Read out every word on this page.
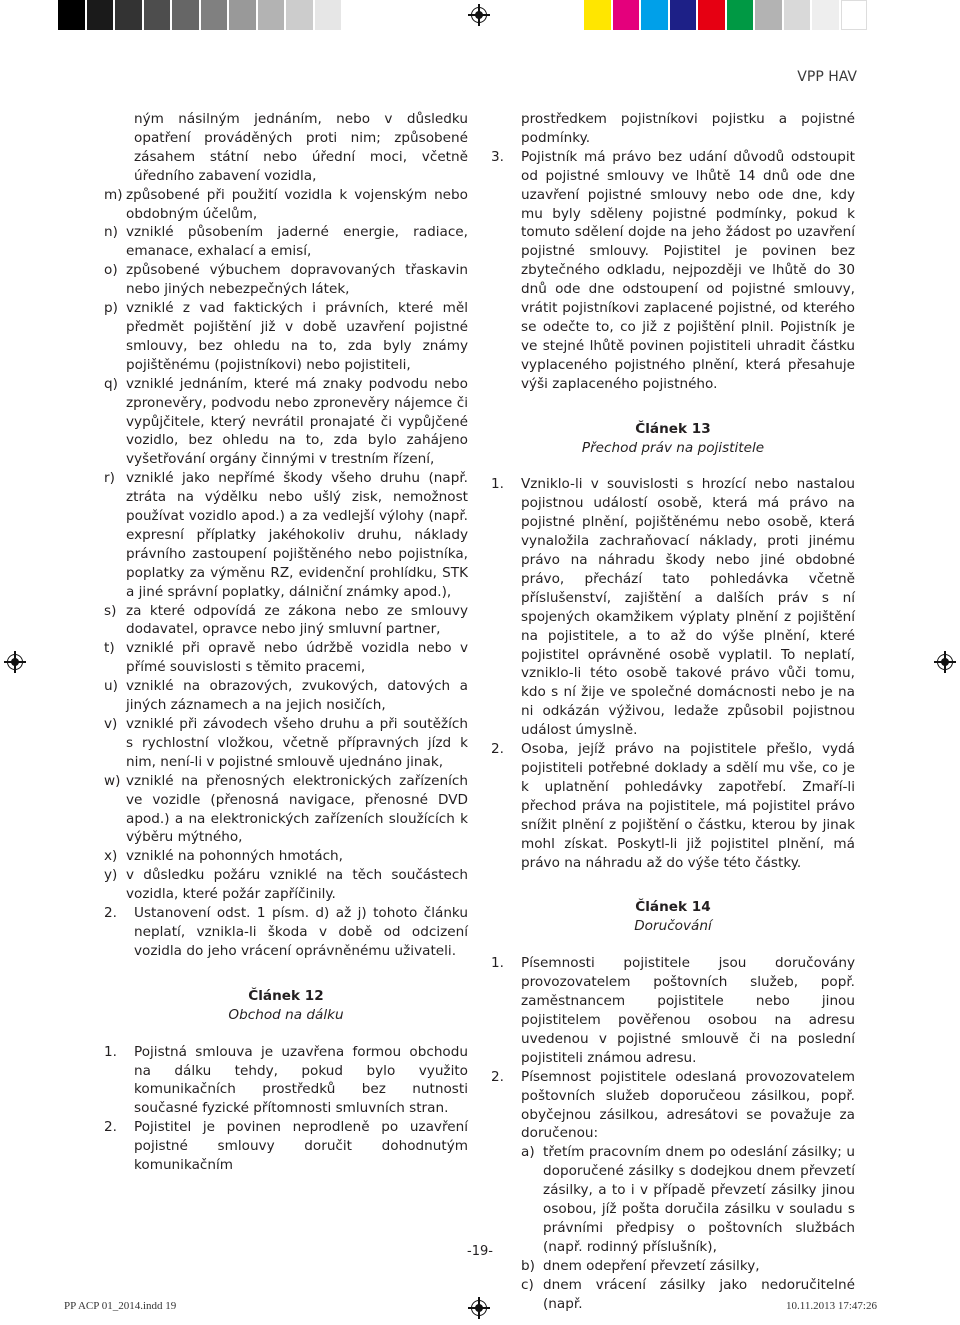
VPP HAV
ným násilným jednáním, nebo v důsledku opatření prováděných proti nim; způsobené zásahem státní nebo úřední moci, včetně úředního zabavení vozidla,
m) způsobené při použití vozidla k vojenským nebo obdobným účelům,
n) vzniklé působením jaderné energie, radiace, emanace, exhalací a emisí,
o) způsobené výbuchem dopravovaných třaskavin nebo jiných nebezpečných látek,
p) vzniklé z vad faktických i právních, které měl předmět pojištění již v době uzavření pojistné smlouvy, bez ohledu na to, zda byly známy pojištěnému (pojistníkovi) nebo pojistiteli,
q) vzniklé jednáním, které má znaky podvodu nebo zpronevěry, podvodu nebo zpronevěry nájemce či vypůjčitele, který nevrátil pronajaté či vypůjčené vozidlo, bez ohledu na to, zda bylo zahájeno vyšetřování orgány činnými v trestním řízení,
r) vzniklé jako nepřímé škody všeho druhu (např. ztráta na výdělku nebo ušlý zisk, nemožnost používat vozidlo apod.) a za vedlejší výlohy (např. expresní příplatky jakéhokoliv druhu, náklady právního zastoupení pojištěného nebo pojistníka, poplatky za výměnu RZ, evidenční prohlídku, STK a jiné správní poplatky, dálniční známky apod.),
s) za které odpovídá ze zákona nebo ze smlouvy dodavatel, opravce nebo jiný smluvní partner,
t) vzniklé při opravě nebo údržbě vozidla nebo v přímé souvislosti s těmito pracemi,
u) vzniklé na obrazových, zvukových, datových a jiných záznamech a na jejich nosičích,
v) vzniklé při závodech všeho druhu a při soutěžích s rychlostní vložkou, včetně přípravných jízd k nim, není-li v pojistné smlouvě ujednáno jinak,
w) vzniklé na přenosných elektronických zařízeních ve vozidle (přenosná navigace, přenosné DVD apod.) a na elektronických zařízeních sloužících k výběru mýtného,
x) vzniklé na pohonných hmotách,
y) v důsledku požáru vzniklé na těch součástech vozidla, které požár zapříčinily.
2.	Ustanovení odst. 1 písm. d) až j) tohoto článku neplatí, vznikla-li škoda v době od odcizení vozidla do jeho vrácení oprávněnému uživateli.
Článek 12
Obchod na dálku
1.	Pojistná smlouva je uzavřena formou obchodu na dálku tehdy, pokud bylo využito komunikačních prostředků bez nutnosti současné fyzické přítomnosti smluvních stran.
2.	Pojistitel je povinen neprodleně po uzavření pojistné smlouvy doručit dohodnutým komunikačním
prostředkem pojistníkovi pojistku a pojistné podmínky.
3.	Pojistník má právo bez udání důvodů odstoupit od pojistné smlouvy ve lhůtě 14 dnů ode dne uzavření pojistné smlouvy nebo ode dne, kdy mu byly sděleny pojistné podmínky, pokud k tomuto sdělení dojde na jeho žádost po uzavření pojistné smlouvy. Pojistitel je povinen bez zbytečného odkladu, nejpozději ve lhůtě do 30 dnů ode dne odstoupení od pojistné smlouvy, vrátit pojistníkovi zaplacené pojistné, od kterého se odečte to, co již z pojištění plnil. Pojistník je ve stejné lhůtě povinen pojistiteli uhradit částku vyplaceného pojistného plnění, která přesahuje výši zaplaceného pojistného.
Článek 13
Přechod práv na pojistitele
1.	Vzniklo-li v souvislosti s hrozící nebo nastalou pojistnou událostí osobě, která má právo na pojistné plnění, pojištěnému nebo osobě, která vynaložila zachraňovací náklady, proti jinému právo na náhradu škody nebo jiné obdobné právo, přechází tato pohledávka včetně příslušenství, zajištění a dalších práv s ní spojených okamžikem výplaty plnění z pojištění na pojistitele, a to až do výše plnění, které pojistitel oprávněné osobě vyplatil. To neplatí, vzniklo-li této osobě takové právo vůči tomu, kdo s ní žije ve společné domácnosti nebo je na ni odkázán výživou, ledaže způsobil pojistnou událost úmyslně.
2.	Osoba, jejíž právo na pojistitele přešlo, vydá pojistiteli potřebné doklady a sdělí mu vše, co je k uplatnění pohledávky zapotřebí. Zmaří-li přechod práva na pojistitele, má pojistitel právo snížit plnění z pojištění o částku, kterou by jinak mohl získat. Poskytl-li již pojistitel plnění, má právo na náhradu až do výše této částky.
Článek 14
Doručování
1.	Písemnosti pojistitele jsou doručovány provozovatelem poštovních služeb, popř. zaměstnancem pojistitele nebo jinou pojistitelem pověřenou osobou na adresu uvedenou v pojistné smlouvě či na poslední pojistiteli známou adresu.
2.	Písemnost pojistitele odeslaná provozovatelem poštovních služeb doporučeou zásilkou, popř. obyčejnou zásilkou, adresátovi se považuje za doručenou:
a) třetím pracovním dnem po odeslání zásilky; u doporučené zásilky s dodejkou dnem převzetí zásilky, a to i v případě převzetí zásilky jinou osobou, jíž pošta doručila zásilku v souladu s právními předpisy o poštovních službách (např. rodinný příslušník),
b) dnem odepření převzetí zásilky,
c) dnem vrácení zásilky jako nedoručitelné (např.
-19-
PP ACP 01_2014.indd 19	10.11.2013 17:47:26
